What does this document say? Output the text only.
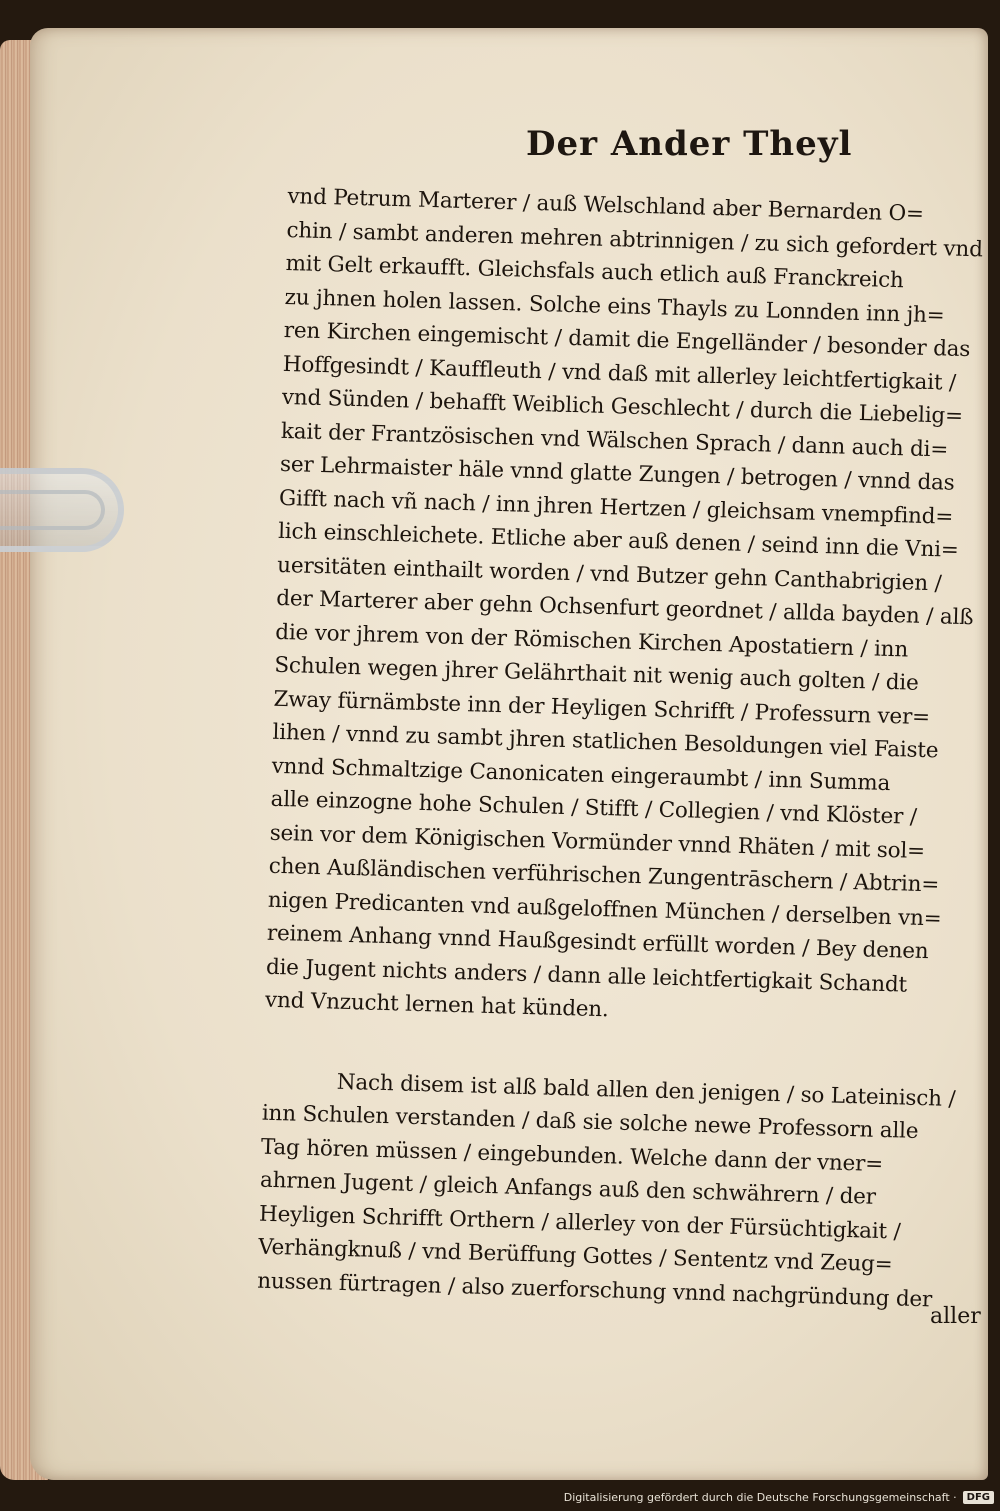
Der Ander Theyl
vnd Petrum Marterer / auß Welschland aber Bernarden O=
chin / sambt anderen mehren abtrinnigen / zu sich gefordert vnd
mit Gelt erkaufft. Gleichsfals auch etlich auß Franckreich
zu jhnen holen lassen. Solche eins Thayls zu Lonnden inn jh=
ren Kirchen eingemischt / damit die Engelländer / besonder das
Hoffgesindt / Kauffleuth / vnd daß mit allerley leichtfertigkait /
vnd Sünden / behafft Weiblich Geschlecht / durch die Liebelig=
kait der Frantzösischen vnd Wälschen Sprach / dann auch di=
ser Lehrmaister häle vnnd glatte Zungen / betrogen / vnnd das
Gifft nach vñ nach / inn jhren Hertzen / gleichsam vnempfind=
lich einschleichete. Etliche aber auß denen / seind inn die Vni=
uersitäten einthailt worden / vnd Butzer gehn Canthabrigien /
der Marterer aber gehn Ochsenfurt geordnet / allda bayden / alß
die vor jhrem von der Römischen Kirchen Apostatiern / inn
Schulen wegen jhrer Gelährthait nit wenig auch golten / die
Zway fürnämbste inn der Heyligen Schrifft / Professurn ver=
lihen / vnnd zu sambt jhren statlichen Besoldungen viel Faiste
vnnd Schmaltzige Canonicaten eingeraumbt / inn Summa
alle einzogne hohe Schulen / Stifft / Collegien / vnd Klöster /
sein vor dem Königischen Vormünder vnnd Rhäten / mit sol=
chen Außländischen verführischen Zungentrāschern / Abtrin=
nigen Predicanten vnd außgeloffnen München / derselben vn=
reinem Anhang vnnd Haußgesindt erfüllt worden / Bey denen
die Jugent nichts anders / dann alle leichtfertigkait Schandt
vnd Vnzucht lernen hat künden.
Nach disem ist alß bald allen den jenigen / so Lateinisch /
inn Schulen verstanden / daß sie solche newe Professorn alle
Tag hören müssen / eingebunden. Welche dann der vner=
ahrnen Jugent / gleich Anfangs auß den schwährern / der
Heyligen Schrifft Orthern / allerley von der Fürsüchtigkait /
Verhängknuß / vnd Berüffung Gottes / Sententz vnd Zeug=
nussen fürtragen / also zuerforschung vnnd nachgründung der
aller
Digitalisierung gefördert durch die Deutsche Forschungsgemeinschaft ·	DFG
